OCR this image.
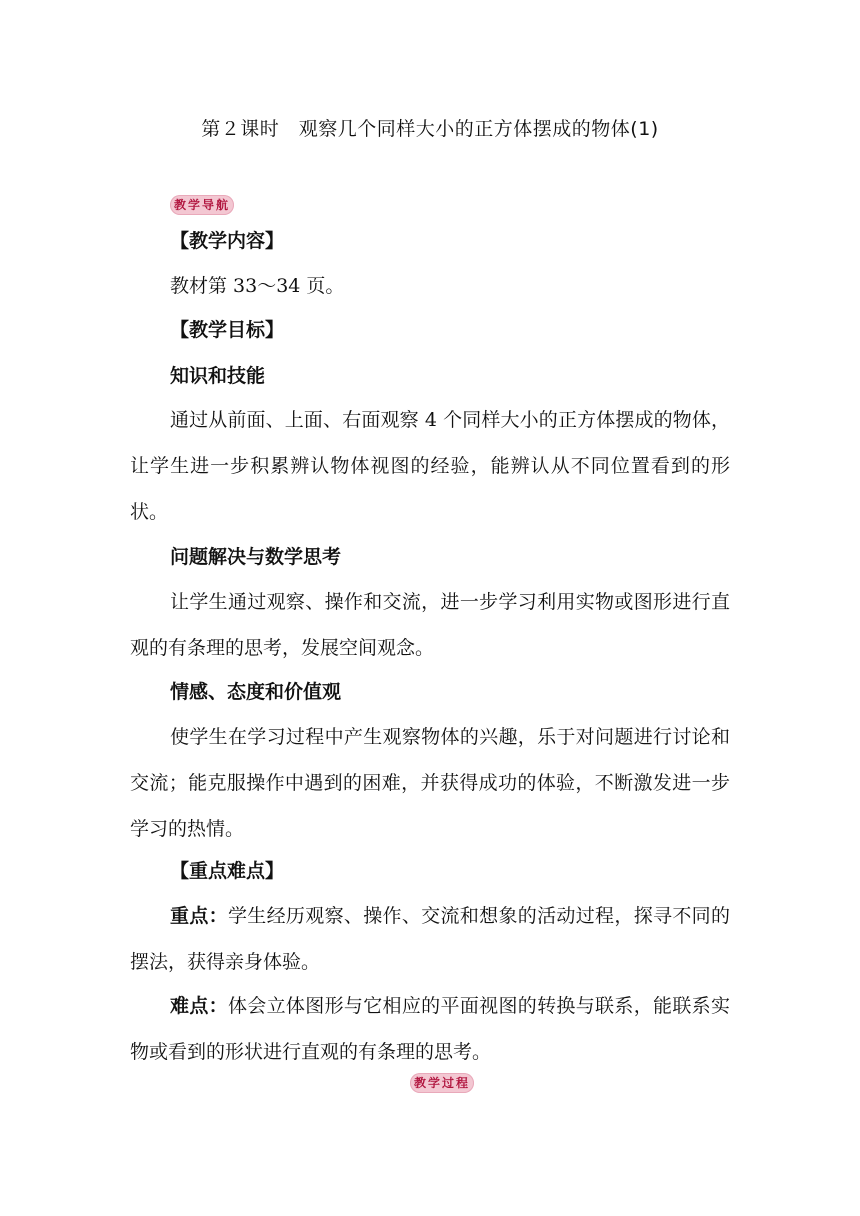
第２课时　观察几个同样大小的正方体摆成的物体(1)
教学导航
【教学内容】
教材第 33～34 页。
【教学目标】
知识和技能
通过从前面、上面、右面观察 4 个同样大小的正方体摆成的物体，让学生进一步积累辨认物体视图的经验，能辨认从不同位置看到的形状。
问题解决与数学思考
让学生通过观察、操作和交流，进一步学习利用实物或图形进行直观的有条理的思考，发展空间观念。
情感、态度和价值观
使学生在学习过程中产生观察物体的兴趣，乐于对问题进行讨论和交流；能克服操作中遇到的困难，并获得成功的体验，不断激发进一步学习的热情。
【重点难点】
重点：学生经历观察、操作、交流和想象的活动过程，探寻不同的摆法，获得亲身体验。
难点：体会立体图形与它相应的平面视图的转换与联系，能联系实物或看到的形状进行直观的有条理的思考。
教学过程
